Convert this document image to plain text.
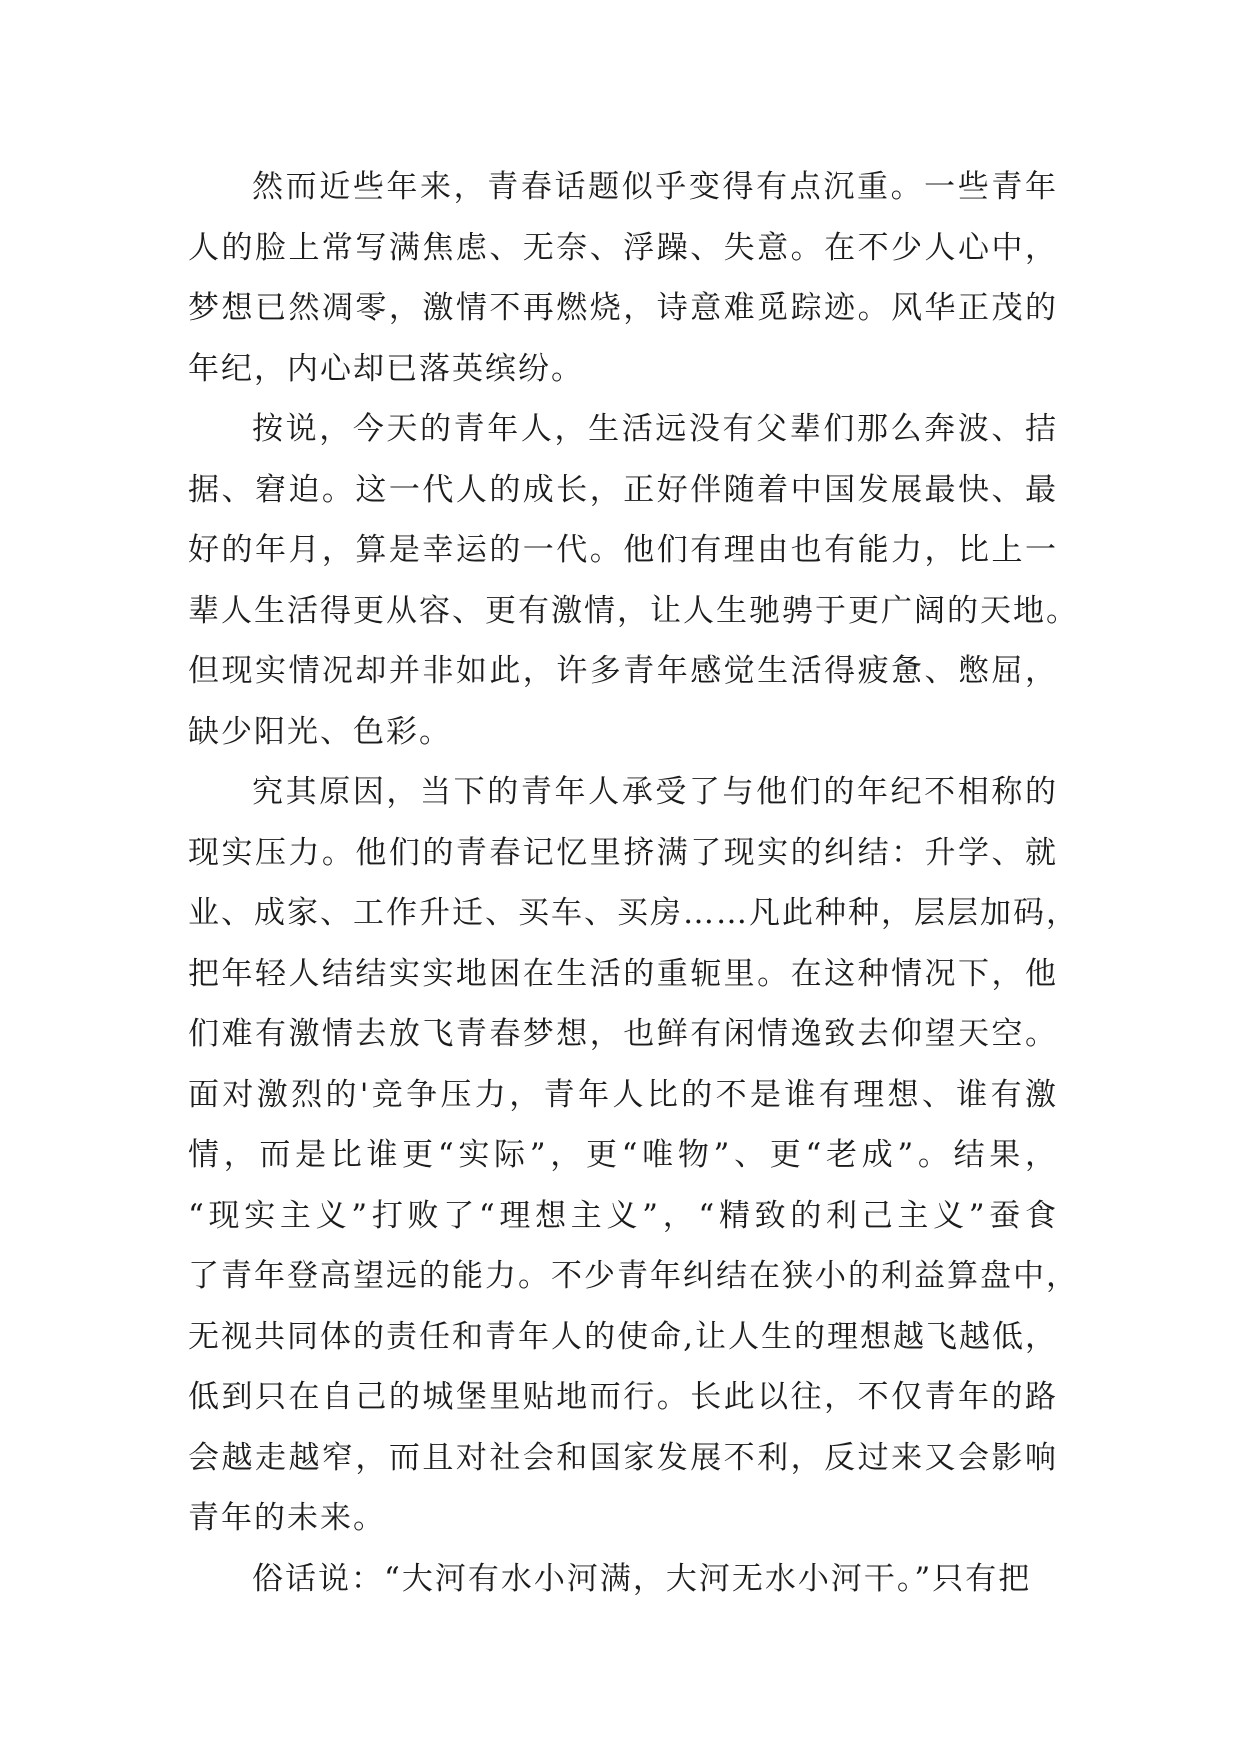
然而近些年来，青春话题似乎变得有点沉重。一些青年
人的脸上常写满焦虑、无奈、浮躁、失意。在不少人心中，
梦想已然凋零，激情不再燃烧，诗意难觅踪迹。风华正茂的
年纪，内心却已落英缤纷。
按说，今天的青年人，生活远没有父辈们那么奔波、拮
据、窘迫。这一代人的成长，正好伴随着中国发展最快、最
好的年月，算是幸运的一代。他们有理由也有能力，比上一
辈人生活得更从容、更有激情，让人生驰骋于更广阔的天地。
但现实情况却并非如此，许多青年感觉生活得疲惫、憋屈，
缺少阳光、色彩。
究其原因，当下的青年人承受了与他们的年纪不相称的
现实压力。他们的青春记忆里挤满了现实的纠结：升学、就
业、成家、工作升迁、买车、买房……凡此种种，层层加码，
把年轻人结结实实地困在生活的重轭里。在这种情况下，他
们难有激情去放飞青春梦想，也鲜有闲情逸致去仰望天空。
面对激烈的'竞争压力，青年人比的不是谁有理想、谁有激
情，而是比谁更“实际”，更“唯物”、更“老成”。结果，
“现实主义”打败了“理想主义”，“精致的利己主义”蚕食
了青年登高望远的能力。不少青年纠结在狭小的利益算盘中，
无视共同体的责任和青年人的使命,让人生的理想越飞越低，
低到只在自己的城堡里贴地而行。长此以往，不仅青年的路
会越走越窄，而且对社会和国家发展不利，反过来又会影响
青年的未来。
俗话说：“大河有水小河满，大河无水小河干。”只有把
